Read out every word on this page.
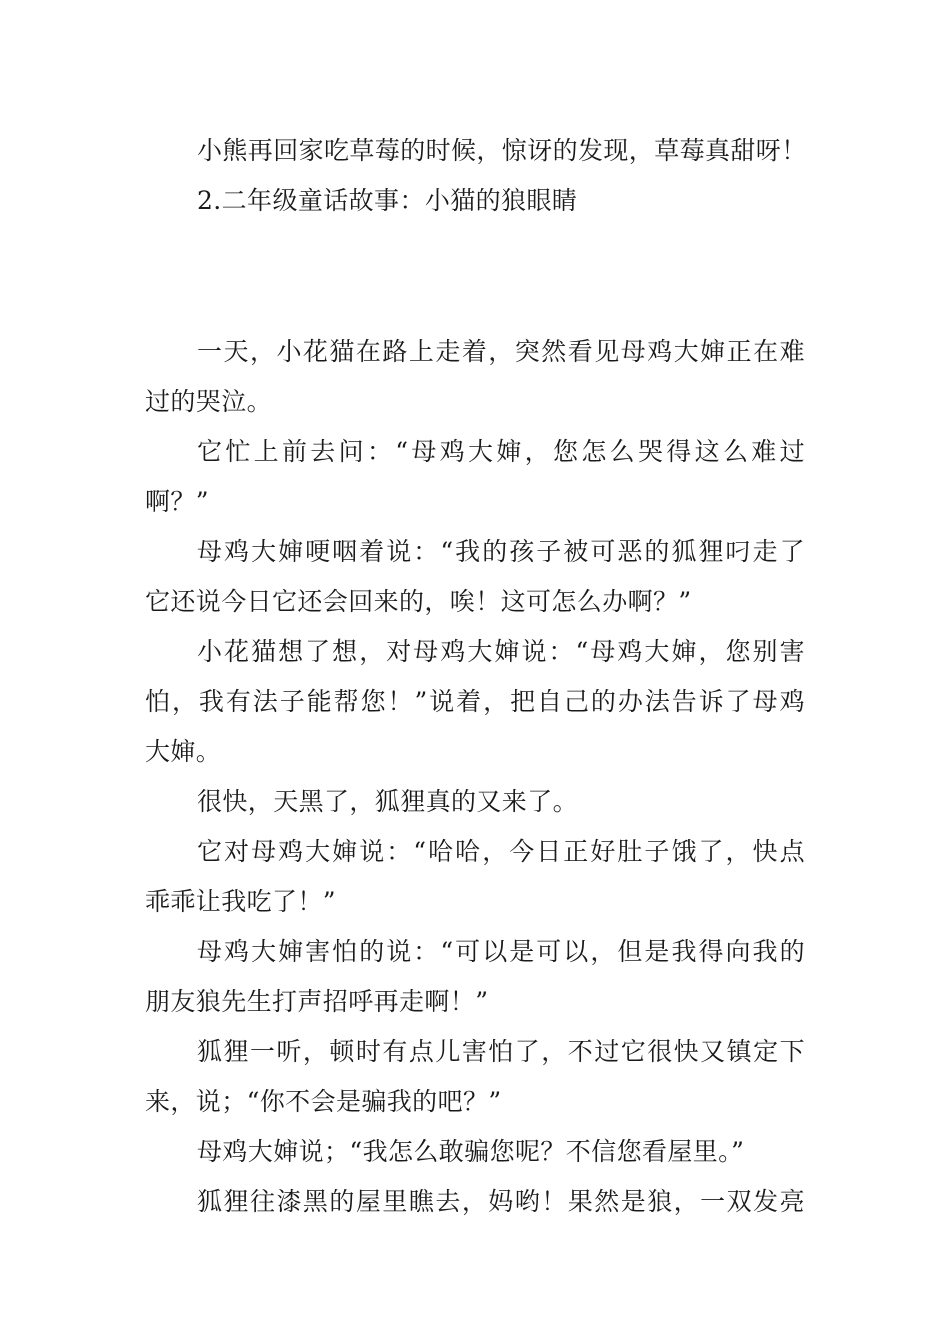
小熊再回家吃草莓的时候，惊讶的发现，草莓真甜呀！
2.二年级童话故事：小猫的狼眼睛
一天，小花猫在路上走着，突然看见母鸡大婶正在难
过的哭泣。
它忙上前去问：“母鸡大婶，您怎么哭得这么难过
啊？”
母鸡大婶哽咽着说：“我的孩子被可恶的狐狸叼走了
它还说今日它还会回来的，唉！这可怎么办啊？”
小花猫想了想，对母鸡大婶说：“母鸡大婶，您别害
怕，我有法子能帮您！”说着，把自己的办法告诉了母鸡
大婶。
很快，天黑了，狐狸真的又来了。
它对母鸡大婶说：“哈哈，今日正好肚子饿了，快点
乖乖让我吃了！”
母鸡大婶害怕的说：“可以是可以，但是我得向我的
朋友狼先生打声招呼再走啊！”
狐狸一听，顿时有点儿害怕了，不过它很快又镇定下
来，说；“你不会是骗我的吧？”
母鸡大婶说；“我怎么敢骗您呢？不信您看屋里。”
狐狸往漆黑的屋里瞧去，妈哟！果然是狼，一双发亮
